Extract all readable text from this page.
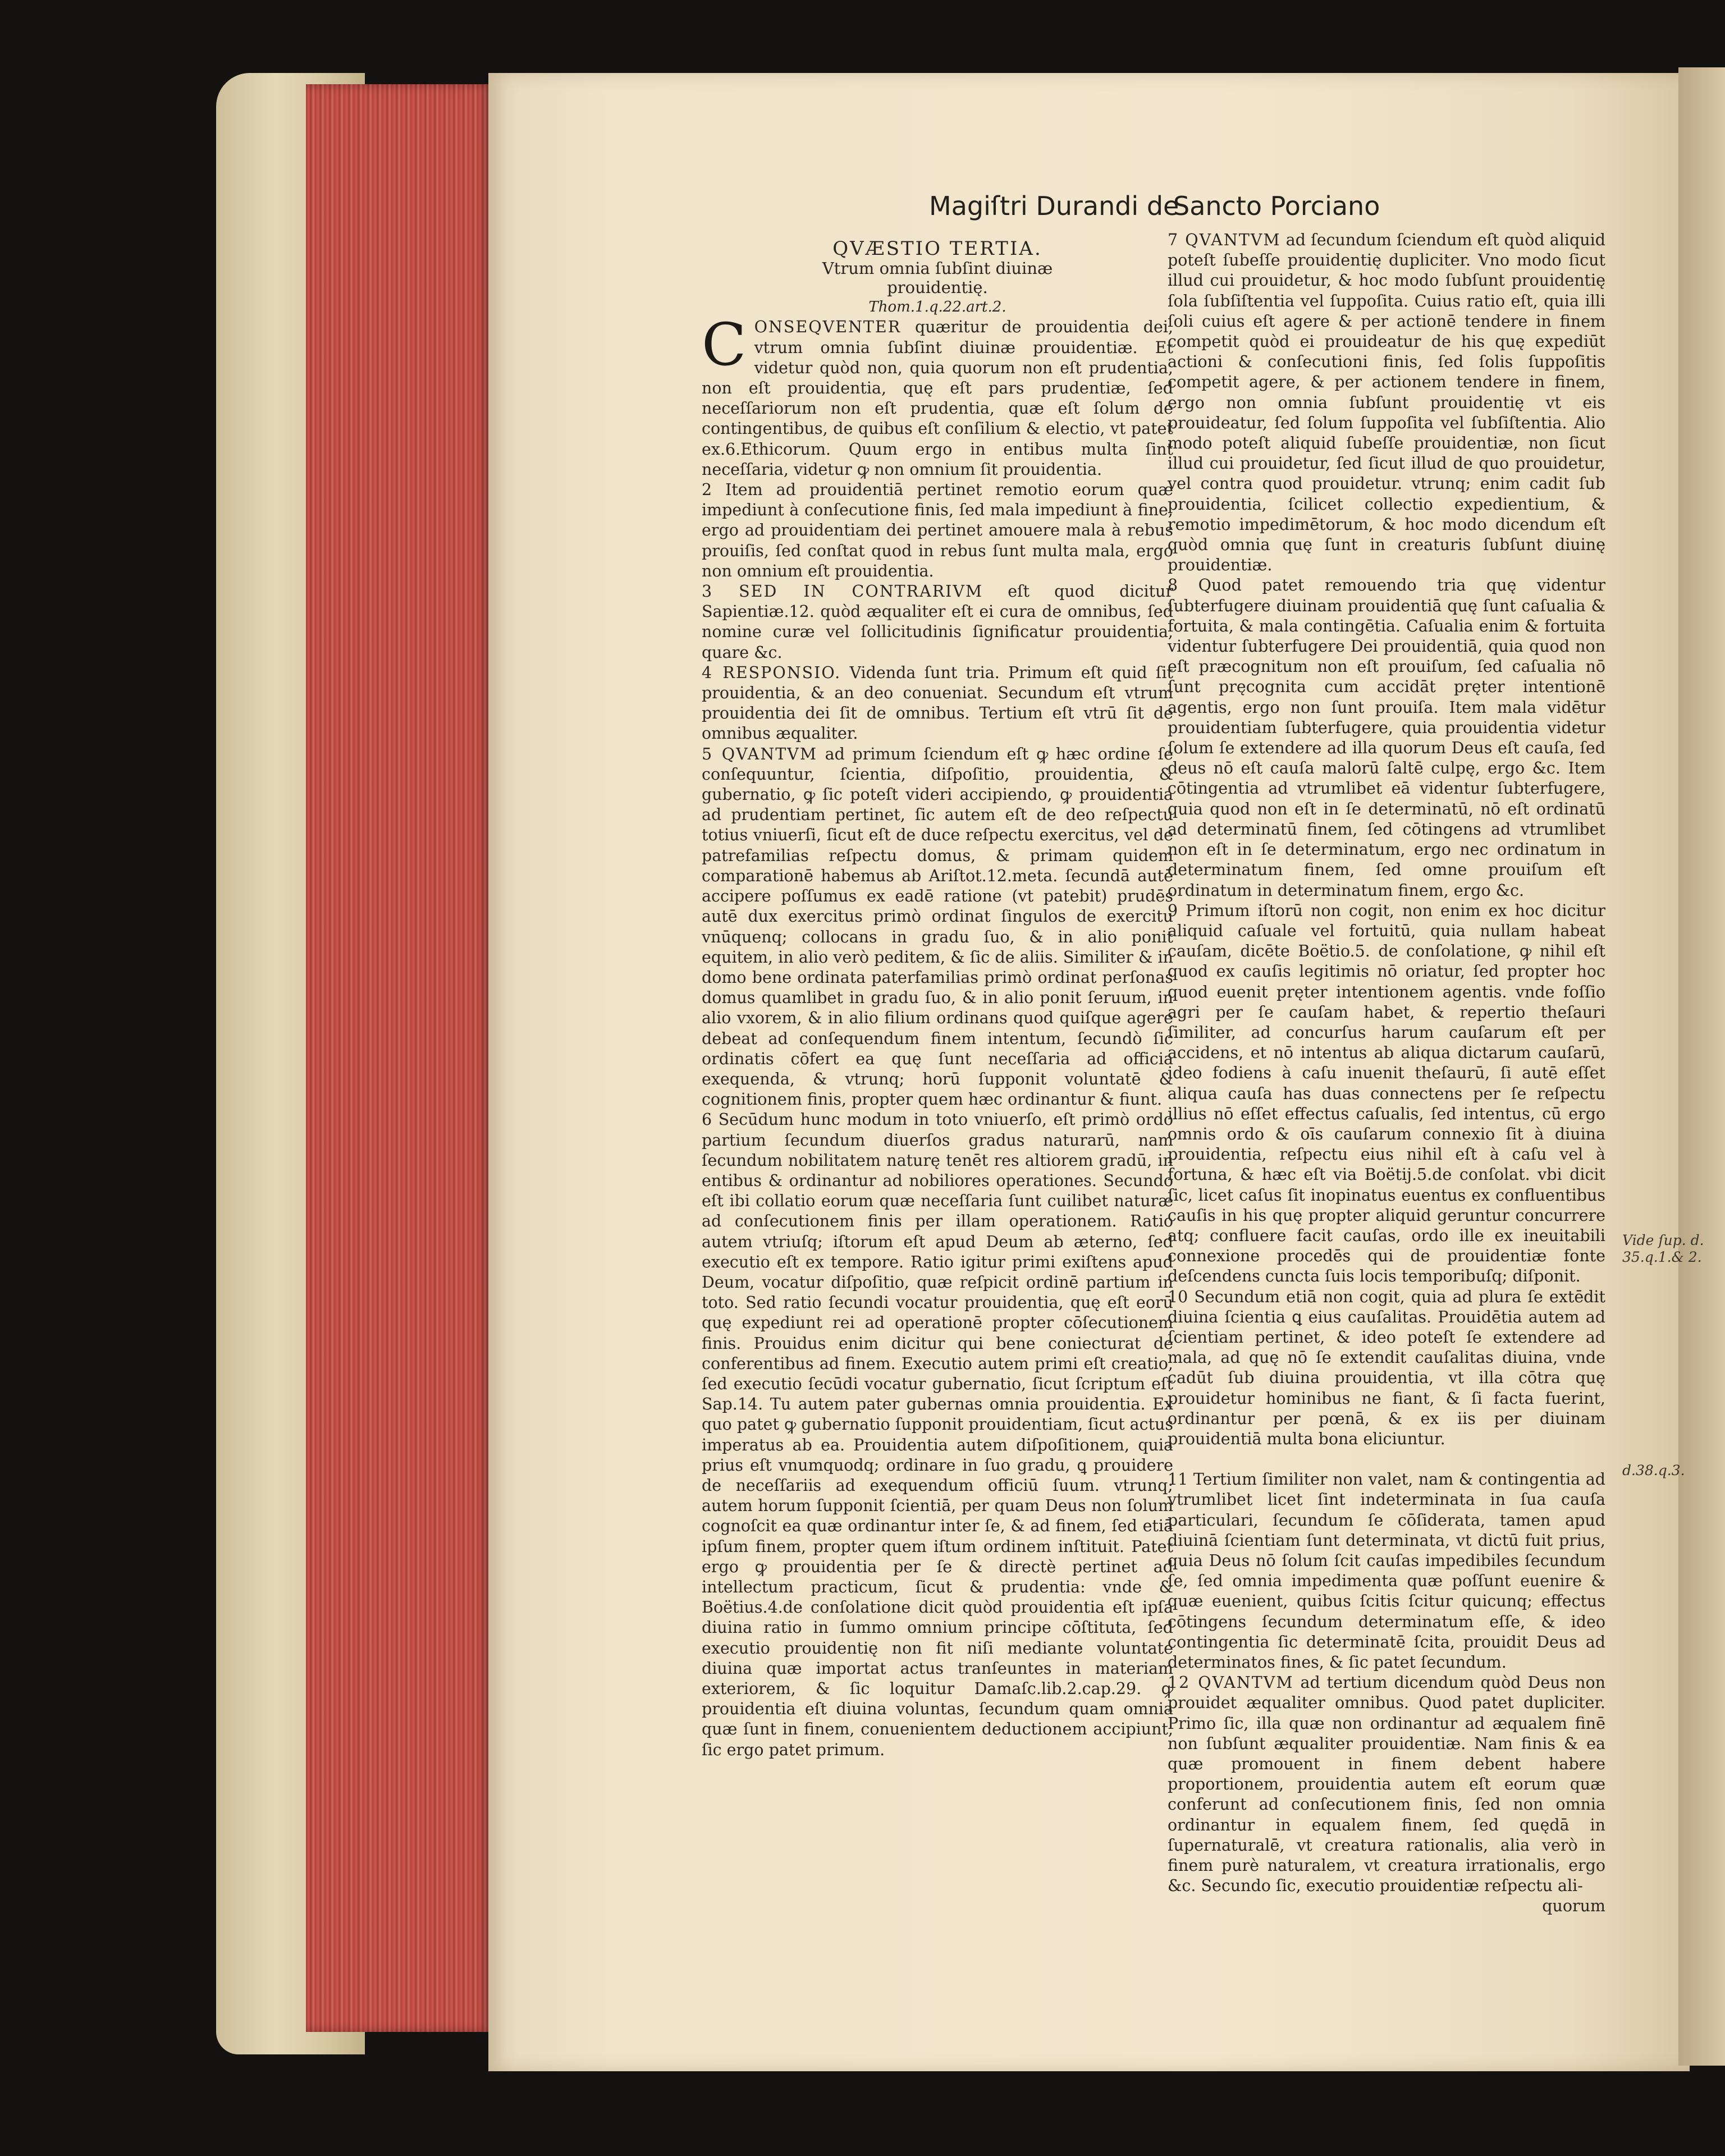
Magiſtri Durandi de
Sancto Porciano

QVÆSTIO TERTIA.

Vtrum omnia ſubſint diuinæ

prouidentię.

Thom.1.q.22.art.2.

C ONSEQVENTER quæritur de prouidentia dei, vtrum omnia ſubſint diuinæ prouidentiæ. Et videtur quòd non, quia quorum non eſt prudentia, non eſt prouidentia, quę eſt pars prudentiæ, ſed neceſſariorum non eſt prudentia, quæ eſt ſolum de contingentibus, de quibus eſt conſilium & electio, vt patet ex.6.Ethicorum. Quum ergo in entibus multa ſint neceſſaria, videtur ꝙ non omnium ſit prouidentia.

2 Item ad prouidentiā pertinet remotio eorum quæ impediunt à conſecutione finis, ſed mala impediunt à fine, ergo ad prouidentiam dei pertinet amouere mala à rebus prouiſis, ſed conſtat quod in rebus ſunt multa mala, ergo non omnium eſt prouidentia.

3 SED IN CONTRARIVM eſt quod dicitur Sapientiæ.12. quòd æqualiter eſt ei cura de omnibus, ſed nomine curæ vel ſollicitudinis ſignificatur prouidentia, quare &c.

4 RESPONSIO. Videnda ſunt tria. Primum eſt quid ſit prouidentia, & an deo conueniat. Secundum eſt vtrum prouidentia dei ſit de omnibus. Tertium eſt vtrū ſit de omnibus æqualiter.

5 QVANTVM ad primum ſciendum eſt ꝙ hæc ordine ſe conſequuntur, ſcientia, diſpoſitio, prouidentia, & gubernatio, ꝙ ſic poteſt videri accipiendo, ꝙ prouidentia ad prudentiam pertinet, ſic autem eſt de deo reſpectu totius vniuerſi, ſicut eſt de duce reſpectu exercitus, vel de patrefamilias reſpectu domus, & primam quidem comparationē habemus ab Ariſtot.12.meta. ſecundā autē accipere poſſumus ex eadē ratione (vt patebit) prudēs autē dux exercitus primò ordinat ſingulos de exercitu vnūquenq; collocans in gradu ſuo, & in alio ponit equitem, in alio verò peditem, & ſic de aliis. Similiter & in domo bene ordinata paterfamilias primò ordinat perſonas domus quamlibet in gradu ſuo, & in alio ponit ſeruum, in alio vxorem, & in alio filium ordinans quod quiſque agere debeat ad conſequendum finem intentum, ſecundò ſic ordinatis cōfert ea quę ſunt neceſſaria ad officia exequenda, & vtrunq; horū ſupponit voluntatē & cognitionem finis, propter quem hæc ordinantur & fiunt.

6 Secūdum hunc modum in toto vniuerſo, eſt primò ordo partium ſecundum diuerſos gradus naturarū, nam ſecundum nobilitatem naturę tenēt res altiorem gradū, in entibus & ordinantur ad nobiliores operationes. Secundo eſt ibi collatio eorum quæ neceſſaria ſunt cuilibet naturæ ad conſecutionem finis per illam operationem. Ratio autem vtriuſq; iſtorum eſt apud Deum ab æterno, ſed executio eſt ex tempore. Ratio igitur primi exiſtens apud Deum, vocatur diſpoſitio, quæ reſpicit ordinē partium in toto. Sed ratio ſecundi vocatur prouidentia, quę eſt eorū quę expediunt rei ad operationē propter cōſecutionem finis. Prouidus enim dicitur qui bene coniecturat de conferentibus ad finem. Executio autem primi eſt creatio, ſed executio ſecūdi vocatur gubernatio, ſicut ſcriptum eſt Sap.14. Tu autem pater gubernas omnia prouidentia. Ex quo patet ꝙ gubernatio ſupponit prouidentiam, ſicut actus imperatus ab ea. Prouidentia autem diſpoſitionem, quia prius eſt vnumquodq; ordinare in ſuo gradu, ꝗ prouidere de neceſſariis ad exequendum officiū ſuum. vtrunq; autem horum ſupponit ſcientiā, per quam Deus non ſolum cognoſcit ea quæ ordinantur inter ſe, & ad finem, ſed etiā ipſum finem, propter quem iſtum ordinem inſtituit. Patet ergo ꝙ prouidentia per ſe & directè pertinet ad intellectum practicum, ſicut & prudentia: vnde & Boëtius.4.de conſolatione dicit quòd prouidentia eſt ipſa diuina ratio in ſummo omnium principe cōſtituta, ſed executio prouidentię non fit niſi mediante voluntate diuina quæ importat actus tranſeuntes in materiam exteriorem, & ſic loquitur Damaſc.lib.2.cap.29. ꝙ prouidentia eſt diuina voluntas, ſecundum quam omnia quæ ſunt in finem, conuenientem deductionem accipiunt, ſic ergo patet primum.

7 QVANTVM ad ſecundum ſciendum eſt quòd aliquid poteſt ſubeſſe prouidentię dupliciter. Vno modo ſicut illud cui prouidetur, & hoc modo ſubſunt prouidentię ſola ſubſiſtentia vel ſuppoſita. Cuius ratio eſt, quia illi ſoli cuius eſt agere & per actionē tendere in finem competit quòd ei prouideatur de his quę expediūt actioni & conſecutioni finis, ſed ſolis ſuppoſitis competit agere, & per actionem tendere in finem, ergo non omnia ſubſunt prouidentię vt eis prouideatur, ſed ſolum ſuppoſita vel ſubſiſtentia. Alio modo poteſt aliquid ſubeſſe prouidentiæ, non ſicut illud cui prouidetur, ſed ſicut illud de quo prouidetur, vel contra quod prouidetur. vtrunq; enim cadit ſub prouidentia, ſcilicet collectio expedientium, & remotio impedimētorum, & hoc modo dicendum eſt quòd omnia quę ſunt in creaturis ſubſunt diuinę prouidentiæ.

8 Quod patet remouendo tria quę videntur ſubterfugere diuinam prouidentiā quę ſunt caſualia & fortuita, & mala contingētia. Caſualia enim & fortuita videntur ſubterfugere Dei prouidentiā, quia quod non eſt præcognitum non eſt prouiſum, ſed caſualia nō ſunt pręcognita cum accidāt pręter intentionē agentis, ergo non ſunt prouiſa. Item mala vidētur prouidentiam ſubterfugere, quia prouidentia videtur ſolum ſe extendere ad illa quorum Deus eſt cauſa, ſed deus nō eſt cauſa malorū ſaltē culpę, ergo &c. Item cōtingentia ad vtrumlibet eā videntur ſubterfugere, quia quod non eſt in ſe determinatū, nō eſt ordinatū ad determinatū finem, ſed cōtingens ad vtrumlibet non eſt in ſe determinatum, ergo nec ordinatum in determinatum finem, ſed omne prouiſum eſt ordinatum in determinatum finem, ergo &c.

9 Primum iſtorū non cogit, non enim ex hoc dicitur aliquid caſuale vel fortuitū, quia nullam habeat cauſam, dicēte Boëtio.5. de conſolatione, ꝙ nihil eſt quod ex cauſis legitimis nō oriatur, ſed propter hoc quod euenit pręter intentionem agentis. vnde foſſio agri per ſe cauſam habet, & repertio theſauri ſimiliter, ad concurſus harum cauſarum eſt per accidens, et nō intentus ab aliqua dictarum cauſarū, ideo fodiens à caſu inuenit theſaurū, ſi autē eſſet aliqua cauſa has duas connectens per ſe reſpectu illius nō eſſet effectus caſualis, ſed intentus, cū ergo omnis ordo & oīs cauſarum connexio ſit à diuina prouidentia, reſpectu eius nihil eſt à caſu vel à fortuna, & hæc eſt via Boëtij.5.de conſolat. vbi dicit ſic, licet caſus ſit inopinatus euentus ex confluentibus cauſis in his quę propter aliquid geruntur concurrere atq; confluere facit cauſas, ordo ille ex ineuitabili connexione procedēs qui de prouidentiæ fonte deſcendens cuncta ſuis locis temporibuſq; diſponit.

10 Secundum etiā non cogit, quia ad plura ſe extēdit diuina ſcientia ꝗ eius cauſalitas. Prouidētia autem ad ſcientiam pertinet, & ideo poteſt ſe extendere ad mala, ad quę nō ſe extendit cauſalitas diuina, vnde cadūt ſub diuina prouidentia, vt illa cōtra quę prouidetur hominibus ne fiant, & ſi facta fuerint, ordinantur per pœnā, & ex iis per diuinam prouidentiā multa bona eliciuntur.

11 Tertium ſimiliter non valet, nam & contingentia ad vtrumlibet licet ſint indeterminata in ſua cauſa particulari, ſecundum ſe cōſiderata, tamen apud diuinā ſcientiam ſunt determinata, vt dictū fuit prius, quia Deus nō ſolum ſcit cauſas impedibiles ſecundum ſe, ſed omnia impedimenta quæ poſſunt euenire & quæ euenient, quibus ſcitis ſcitur quicunq; effectus cōtingens ſecundum determinatum eſſe, & ideo contingentia ſic determinatē ſcita, prouidit Deus ad determinatos fines, & ſic patet ſecundum.

12 QVANTVM ad tertium dicendum quòd Deus non prouidet æqualiter omnibus. Quod patet dupliciter. Primo ſic, illa quæ non ordinantur ad æqualem finē non ſubſunt æqualiter prouidentiæ. Nam finis & ea quæ promouent in finem debent habere proportionem, prouidentia autem eſt eorum quæ conferunt ad conſecutionem finis, ſed non omnia ordinantur in equalem finem, ſed quędā in ſupernaturalē, vt creatura rationalis, alia verò in finem purè naturalem, vt creatura irrationalis, ergo &c. Secundo ſic, executio prouidentiæ reſpectu ali-

quorum

Vide ſup. d.
35.q.1.& 2.
d.38.q.3.
